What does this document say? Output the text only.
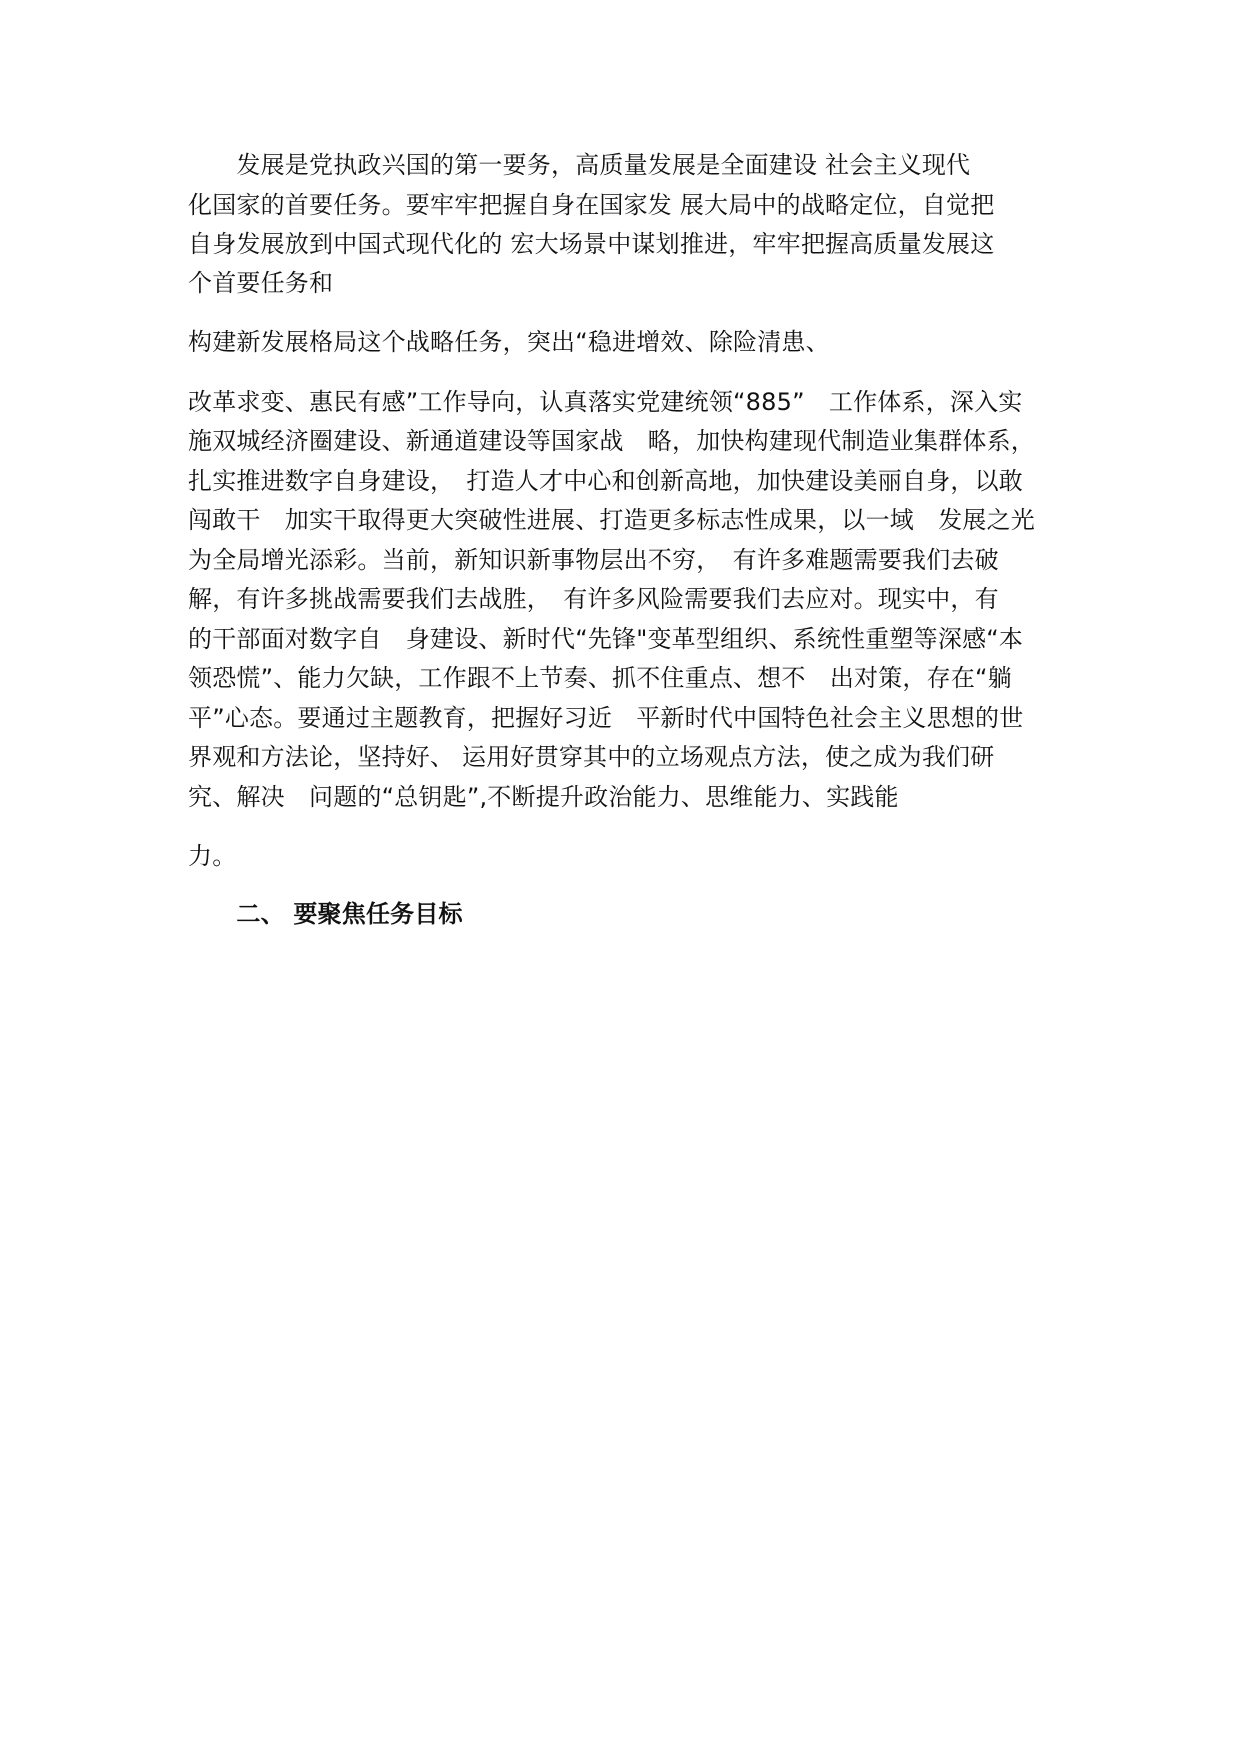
　　发展是党执政兴国的第一要务，高质量发展是全面建设 社会主义现代
化国家的首要任务。要牢牢把握自身在国家发 展大局中的战略定位，自觉把
自身发展放到中国式现代化的 宏大场景中谋划推进，牢牢把握高质量发展这
个首要任务和
构建新发展格局这个战略任务，突出“稳进增效、除险清患、
改革求变、惠民有感”工作导向，认真落实党建统领“885”　工作体系，深入实
施双城经济圈建设、新通道建设等国家战　略，加快构建现代制造业集群体系，
扎实推进数字自身建设，　打造人才中心和创新高地，加快建设美丽自身，以敢
闯敢干　加实干取得更大突破性进展、打造更多标志性成果，以一域　发展之光
为全局增光添彩。当前，新知识新事物层出不穷，　有许多难题需要我们去破
解，有许多挑战需要我们去战胜，　有许多风险需要我们去应对。现实中，有
的干部面对数字自　身建设、新时代“先锋"变革型组织、系统性重塑等深感“本
领恐慌”、能力欠缺，工作跟不上节奏、抓不住重点、想不　出对策，存在“躺
平”心态。要通过主题教育，把握好习近　平新时代中国特色社会主义思想的世
界观和方法论，坚持好、 运用好贯穿其中的立场观点方法，使之成为我们研
究、解决　问题的“总钥匙”,不断提升政治能力、思维能力、实践能
力。
　　二、 要聚焦任务目标
